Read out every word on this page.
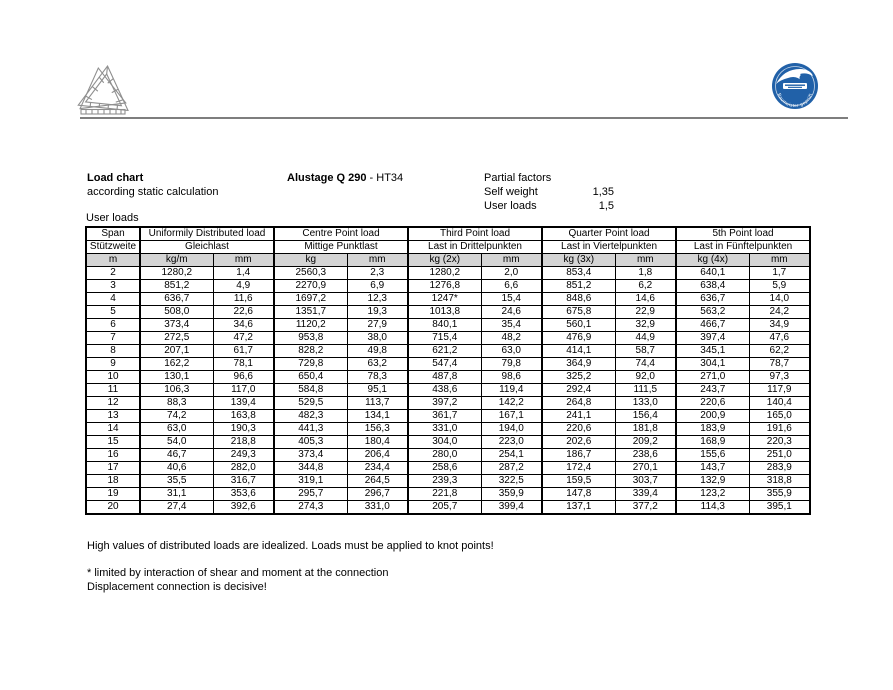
Baumeister geprüft
Load chart
according static calculation
Alustage Q 290 - HT34	Partial factors
Self weight	1,35
User loads	1,5
User loads
Span	Uniformily Distributed load		Centre Point load		Third Point load		Quarter Point load		5th Point load	
Stützweite	Gleichlast		Mittige Punktlast		Last in Drittelpunkten		Last in Viertelpunkten		Last in Fünftelpunkten	
m	kg/m	mm	kg	mm	kg (2x)	mm	kg (3x)	mm	kg (4x)	mm
2	1280,2	1,4	2560,3	2,3	1280,2	2,0	853,4	1,8	640,1	1,7
3	851,2	4,9	2270,9	6,9	1276,8	6,6	851,2	6,2	638,4	5,9
4	636,7	11,6	1697,2	12,3	1247*	15,4	848,6	14,6	636,7	14,0
5	508,0	22,6	1351,7	19,3	1013,8	24,6	675,8	22,9	563,2	24,2
6	373,4	34,6	1120,2	27,9	840,1	35,4	560,1	32,9	466,7	34,9
7	272,5	47,2	953,8	38,0	715,4	48,2	476,9	44,9	397,4	47,6
8	207,1	61,7	828,2	49,8	621,2	63,0	414,1	58,7	345,1	62,2
9	162,2	78,1	729,8	63,2	547,4	79,8	364,9	74,4	304,1	78,7
10	130,1	96,6	650,4	78,3	487,8	98,6	325,2	92,0	271,0	97,3
11	106,3	117,0	584,8	95,1	438,6	119,4	292,4	111,5	243,7	117,9
12	88,3	139,4	529,5	113,7	397,2	142,2	264,8	133,0	220,6	140,4
13	74,2	163,8	482,3	134,1	361,7	167,1	241,1	156,4	200,9	165,0
14	63,0	190,3	441,3	156,3	331,0	194,0	220,6	181,8	183,9	191,6
15	54,0	218,8	405,3	180,4	304,0	223,0	202,6	209,2	168,9	220,3
16	46,7	249,3	373,4	206,4	280,0	254,1	186,7	238,6	155,6	251,0
17	40,6	282,0	344,8	234,4	258,6	287,2	172,4	270,1	143,7	283,9
18	35,5	316,7	319,1	264,5	239,3	322,5	159,5	303,7	132,9	318,8
19	31,1	353,6	295,7	296,7	221,8	359,9	147,8	339,4	123,2	355,9
20	27,4	392,6	274,3	331,0	205,7	399,4	137,1	377,2	114,3	395,1
High values of distributed loads are idealized. Loads must be applied to knot points!
* limited by interaction of shear and moment at the connection
Displacement connection is decisive!
